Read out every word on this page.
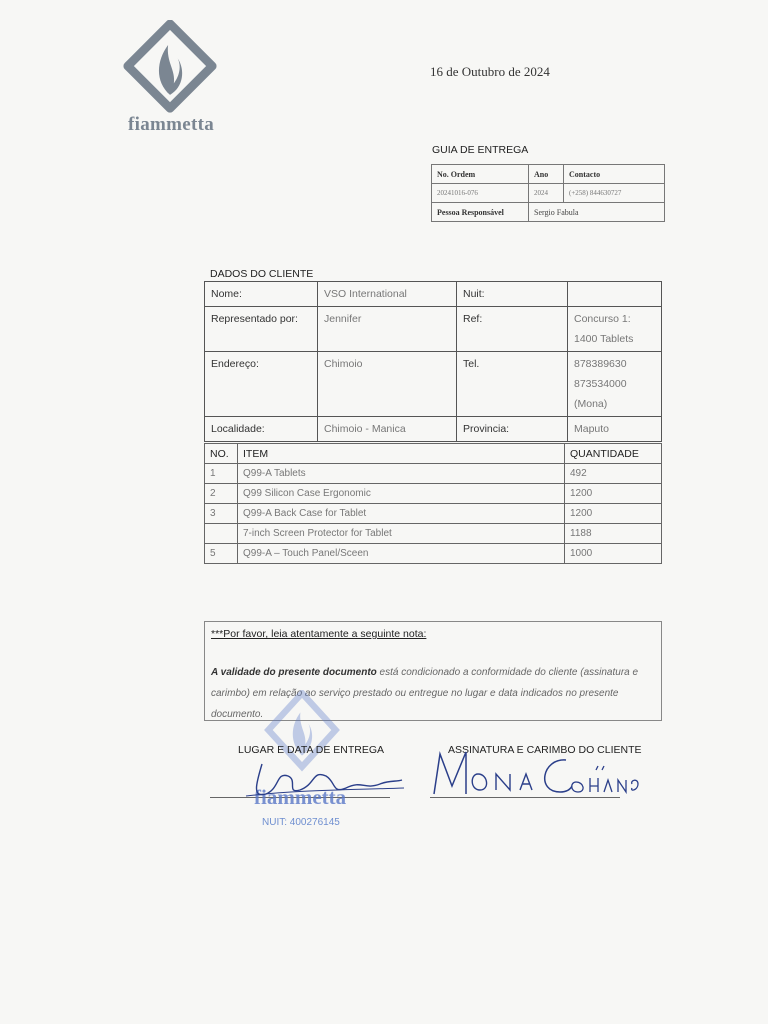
fiammetta
16 de Outubro de 2024
GUIA DE ENTREGA
No. Ordem	Ano	Contacto
20241016-076	2024	(+258) 844630727
Pessoa Responsável	Sergio Fabula	
DADOS DO CLIENTE
Nome:	VSO International	Nuit:	
Representado por:	Jennifer	Ref:	Concurso 1: 1400 Tablets
Endereço:	Chimoio	Tel.	878389630 873534000 (Mona)
Localidade:	Chimoio - Manica	Provincia:	Maputo
NO.	ITEM	QUANTIDADE
1	Q99-A Tablets	492
2	Q99 Silicon Case Ergonomic	1200
3	Q99-A Back Case for Tablet	1200
	7-inch Screen Protector for Tablet	1188
5	Q99-A – Touch Panel/Sceen	1000
***Por favor, leia atentamente a seguinte nota:
A validade do presente documento está condicionado a conformidade do cliente (assinatura e carimbo) em relação ao serviço prestado ou entregue no lugar e data indicados no presente documento.
LUGAR E DATA DE ENTREGA	ASSINATURA E CARIMBO DO CLIENTE
fiammetta
NUIT: 400276145
